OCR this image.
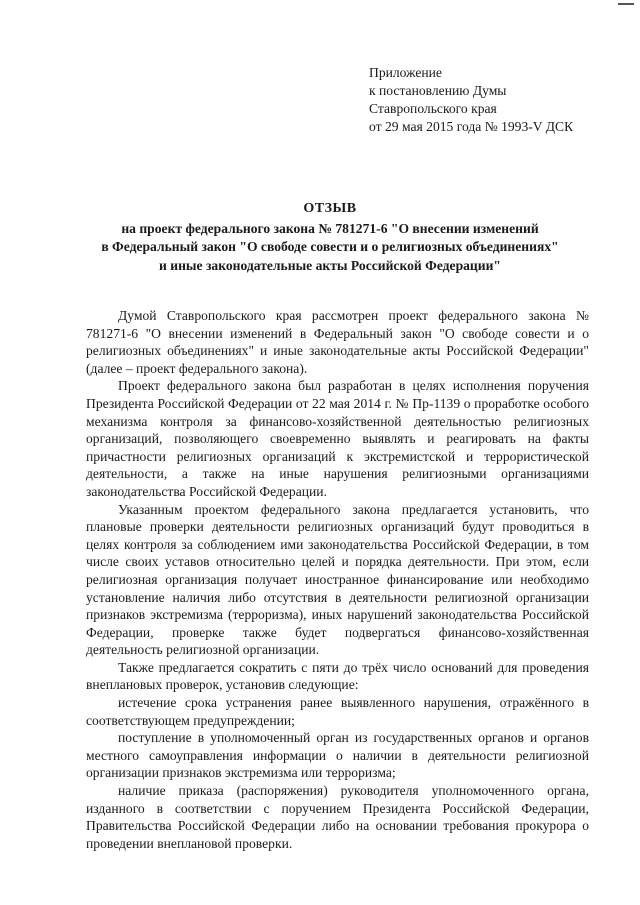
Приложение
к постановлению Думы
Ставропольского края
от 29 мая 2015 года № 1993-V ДСК
ОТЗЫВ
на проект федерального закона № 781271-6 "О внесении изменений
в Федеральный закон "О свободе совести и о религиозных объединениях"
и иные законодательные акты Российской Федерации"

Думой Ставропольского края рассмотрен проект федерального закона № 781271-6 "О внесении изменений в Федеральный закон "О свободе совести и о религиозных объединениях" и иные законодательные акты Российской Федерации" (далее – проект федерального закона).

Проект федерального закона был разработан в целях исполнения поручения Президента Российской Федерации от 22 мая 2014 г. № Пр-1139 о проработке особого механизма контроля за финансово-хозяйственной деятельностью религиозных организаций, позволяющего своевременно выявлять и реагировать на факты причастности религиозных организаций к экстремистской и террористической деятельности, а также на иные нарушения религиозными организациями законодательства Российской Федерации.

Указанным проектом федерального закона предлагается установить, что плановые проверки деятельности религиозных организаций будут проводиться в целях контроля за соблюдением ими законодательства Российской Федерации, в том числе своих уставов относительно целей и порядка деятельности. При этом, если религиозная организация получает иностранное финансирование или необходимо установление наличия либо отсутствия в деятельности религиозной организации признаков экстремизма (терроризма), иных нарушений законодательства Российской Федерации, проверке также будет подвергаться финансово-хозяйственная деятельность религиозной организации.

Также предлагается сократить с пяти до трёх число оснований для проведения внеплановых проверок, установив следующие:

истечение срока устранения ранее выявленного нарушения, отражённого в соответствующем предупреждении;

поступление в уполномоченный орган из государственных органов и органов местного самоуправления информации о наличии в деятельности религиозной организации признаков экстремизма или терроризма;

наличие приказа (распоряжения) руководителя уполномоченного органа, изданного в соответствии с поручением Президента Российской Федерации, Правительства Российской Федерации либо на основании требования прокурора о проведении внеплановой проверки.
